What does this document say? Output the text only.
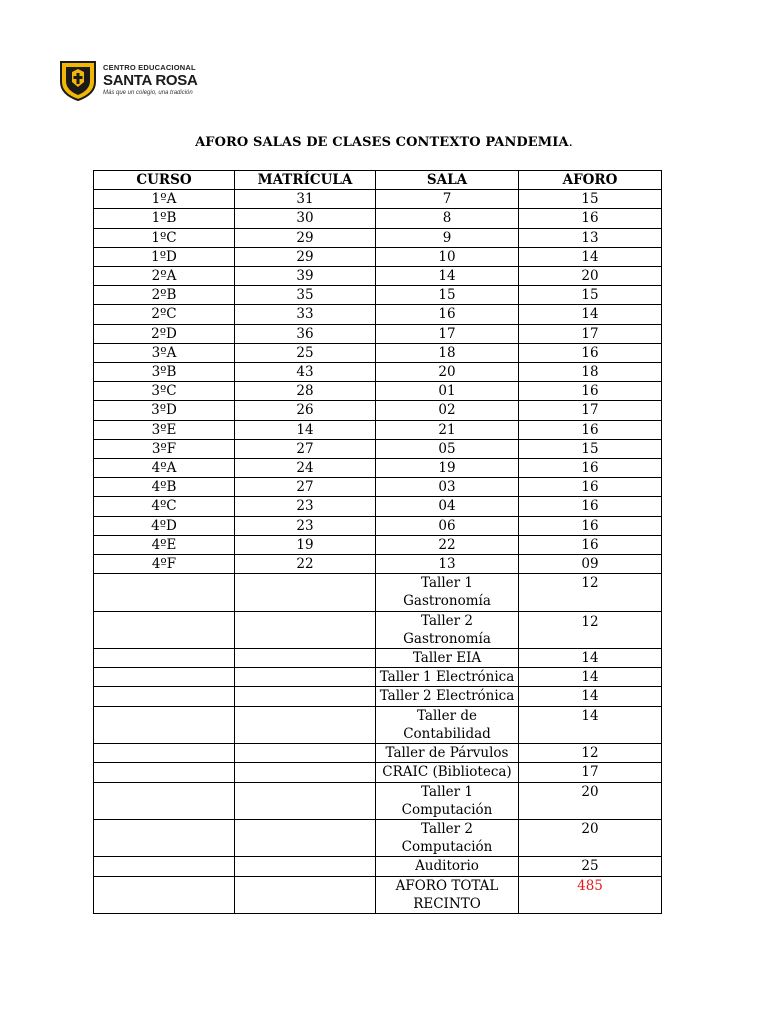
CENTRO EDUCACIONAL
SANTA ROSA
Más que un colegio, una tradición
AFORO SALAS DE CLASES CONTEXTO PANDEMIA.
CURSO	MATRÍCULA	SALA	AFORO
1ºA	31	7	15
1ºB	30	8	16
1ºC	29	9	13
1ºD	29	10	14
2ºA	39	14	20
2ºB	35	15	15
2ºC	33	16	14
2ºD	36	17	17
3ºA	25	18	16
3ºB	43	20	18
3ºC	28	01	16
3ºD	26	02	17
3ºE	14	21	16
3ºF	27	05	15
4ºA	24	19	16
4ºB	27	03	16
4ºC	23	04	16
4ºD	23	06	16
4ºE	19	22	16
4ºF	22	13	09
		Taller 1 Gastronomía	12
		Taller 2 Gastronomía	12
		Taller EIA	14
		Taller 1 Electrónica	14
		Taller 2 Electrónica	14
		Taller de Contabilidad	14
		Taller de Párvulos	12
		CRAIC (Biblioteca)	17
		Taller 1 Computación	20
		Taller 2 Computación	20
		Auditorio	25
		AFORO TOTAL RECINTO	485
